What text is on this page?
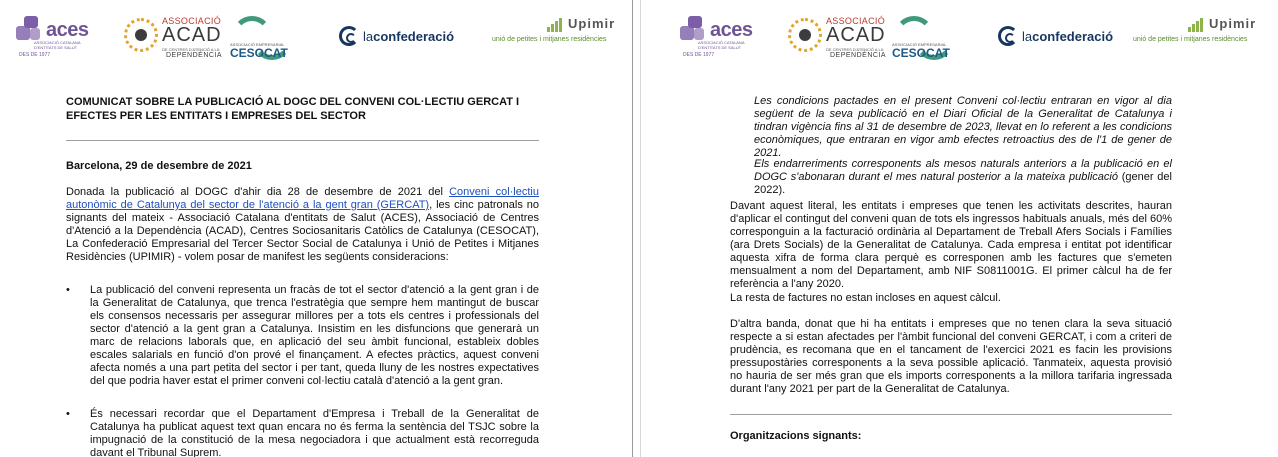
aces
ASSOCIACIÓ CATALANA D'ENTITATS DE SALUT
DES DE 1977
ASSOCIACIÓ
ACAD
DE CENTRES D'ATENCIÓ A LA
DEPENDÈNCIA
ASSOCIACIÓ EMPRESARIAL
CESOCAT
laconfederació
Upimir
unió de petites i mitjanes residències
COMUNICAT SOBRE LA PUBLICACIÓ AL DOGC DEL CONVENI COL·LECTIU GERCAT I EFECTES PER LES ENTITATS I EMPRESES DEL SECTOR
Barcelona, 29 de desembre de 2021

Donada la publicació al DOGC d'ahir dia 28 de desembre de 2021 del Conveni col·lectiu autonòmic de Catalunya del sector de l'atenció a la gent gran (GERCAT), les cinc patronals no signants del mateix - Associació Catalana d'entitats de Salut (ACES), Associació de Centres d'Atenció a la Dependència (ACAD), Centres Sociosanitaris Catòlics de Catalunya (CESOCAT), La Confederació Empresarial del Tercer Sector Social de Catalunya i Unió de Petites i Mitjanes Residències (UPIMIR) - volem posar de manifest les següents consideracions:

• La publicació del conveni representa un fracàs de tot el sector d'atenció a la gent gran i de la Generalitat de Catalunya, que trenca l'estratègia que sempre hem mantingut de buscar els consensos necessaris per assegurar millores per a tots els centres i professionals del sector d'atenció a la gent gran a Catalunya. Insistim en les disfuncions que generarà un marc de relacions laborals que, en aplicació del seu àmbit funcional, estableix dobles escales salarials en funció d'on prové el finançament. A efectes pràctics, aquest conveni afecta només a una part petita del sector i per tant, queda lluny de les nostres expectatives del que podria haver estat el primer conveni col·lectiu català d'atenció a la gent gran.

• És necessari recordar que el Departament d'Empresa i Treball de la Generalitat de Catalunya ha publicat aquest text quan encara no és ferma la sentència del TSJC sobre la impugnació de la constitució de la mesa negociadora i que actualment està recorreguda davant el Tribunal Suprem.

aces
ASSOCIACIÓ CATALANA D'ENTITATS DE SALUT
DES DE 1977
ASSOCIACIÓ
ACAD
DE CENTRES D'ATENCIÓ A LA
DEPENDÈNCIA
ASSOCIACIÓ EMPRESARIAL
CESOCAT
laconfederació
Upimir
unió de petites i mitjanes residències

Les condicions pactades en el present Conveni col·lectiu entraran en vigor al dia següent de la seva publicació en el Diari Oficial de la Generalitat de Catalunya i tindran vigència fins al 31 de desembre de 2023, llevat en lo referent a les condicions econòmiques, que entraran en vigor amb efectes retroactius des de l'1 de gener de 2021.

Els endarreriments corresponents als mesos naturals anteriors a la publicació en el DOGC s'abonaran durant el mes natural posterior a la mateixa publicació (gener del 2022).

Davant aquest literal, les entitats i empreses que tenen les activitats descrites, hauran d'aplicar el contingut del conveni quan de tots els ingressos habituals anuals, més del 60% corresponguin a la facturació ordinària al Departament de Treball Afers Socials i Famílies (ara Drets Socials) de la Generalitat de Catalunya. Cada empresa i entitat pot identificar aquesta xifra de forma clara perquè es corresponen amb les factures que s'emeten mensualment a nom del Departament, amb NIF S0811001G. El primer càlcul ha de fer referència a l'any 2020.

La resta de factures no estan incloses en aquest càlcul.

D'altra banda, donat que hi ha entitats i empreses que no tenen clara la seva situació respecte a si estan afectades per l'àmbit funcional del conveni GERCAT, i com a criteri de prudència, es recomana que en el tancament de l'exercici 2021 es facin les provisions pressupostàries corresponents a la seva possible aplicació. Tanmateix, aquesta provisió no hauria de ser més gran que els imports corresponents a la millora tarifaria ingressada durant l'any 2021 per part de la Generalitat de Catalunya.

Organitzacions signants:
